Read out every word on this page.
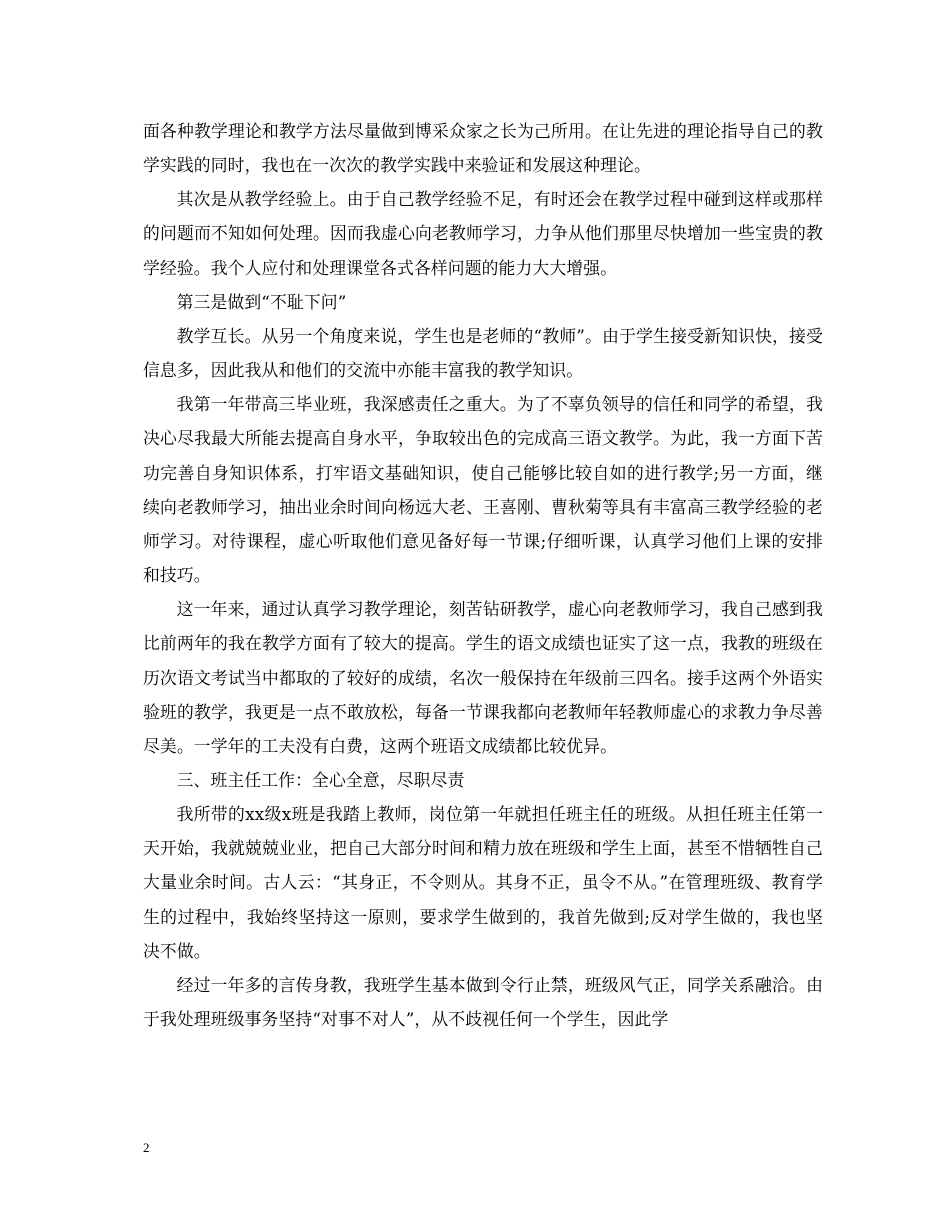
面各种教学理论和教学方法尽量做到博采众家之长为己所用。在让先进的理论指导自己的教学实践的同时，我也在一次次的教学实践中来验证和发展这种理论。

其次是从教学经验上。由于自己教学经验不足，有时还会在教学过程中碰到这样或那样的问题而不知如何处理。因而我虚心向老教师学习，力争从他们那里尽快增加一些宝贵的教学经验。我个人应付和处理课堂各式各样问题的能力大大增强。

第三是做到“不耻下问”

教学互长。从另一个角度来说，学生也是老师的“教师”。由于学生接受新知识快，接受信息多，因此我从和他们的交流中亦能丰富我的教学知识。

我第一年带高三毕业班，我深感责任之重大。为了不辜负领导的信任和同学的希望，我决心尽我最大所能去提高自身水平，争取较出色的完成高三语文教学。为此，我一方面下苦功完善自身知识体系，打牢语文基础知识，使自己能够比较自如的进行教学;另一方面，继续向老教师学习，抽出业余时间向杨远大老、王喜刚、曹秋菊等具有丰富高三教学经验的老师学习。对待课程，虚心听取他们意见备好每一节课;仔细听课，认真学习他们上课的安排和技巧。

这一年来，通过认真学习教学理论，刻苦钻研教学，虚心向老教师学习，我自己感到我比前两年的我在教学方面有了较大的提高。学生的语文成绩也证实了这一点，我教的班级在历次语文考试当中都取的了较好的成绩，名次一般保持在年级前三四名。接手这两个外语实验班的教学，我更是一点不敢放松，每备一节课我都向老教师年轻教师虚心的求教力争尽善尽美。一学年的工夫没有白费，这两个班语文成绩都比较优异。

三、班主任工作：全心全意，尽职尽责

我所带的xx级x班是我踏上教师，岗位第一年就担任班主任的班级。从担任班主任第一天开始，我就兢兢业业，把自己大部分时间和精力放在班级和学生上面，甚至不惜牺牲自己大量业余时间。古人云：“其身正，不令则从。其身不正，虽令不从。”在管理班级、教育学生的过程中，我始终坚持这一原则，要求学生做到的，我首先做到;反对学生做的，我也坚决不做。

经过一年多的言传身教，我班学生基本做到令行止禁，班级风气正，同学关系融洽。由于我处理班级事务坚持“对事不对人”，从不歧视任何一个学生，因此学

2
